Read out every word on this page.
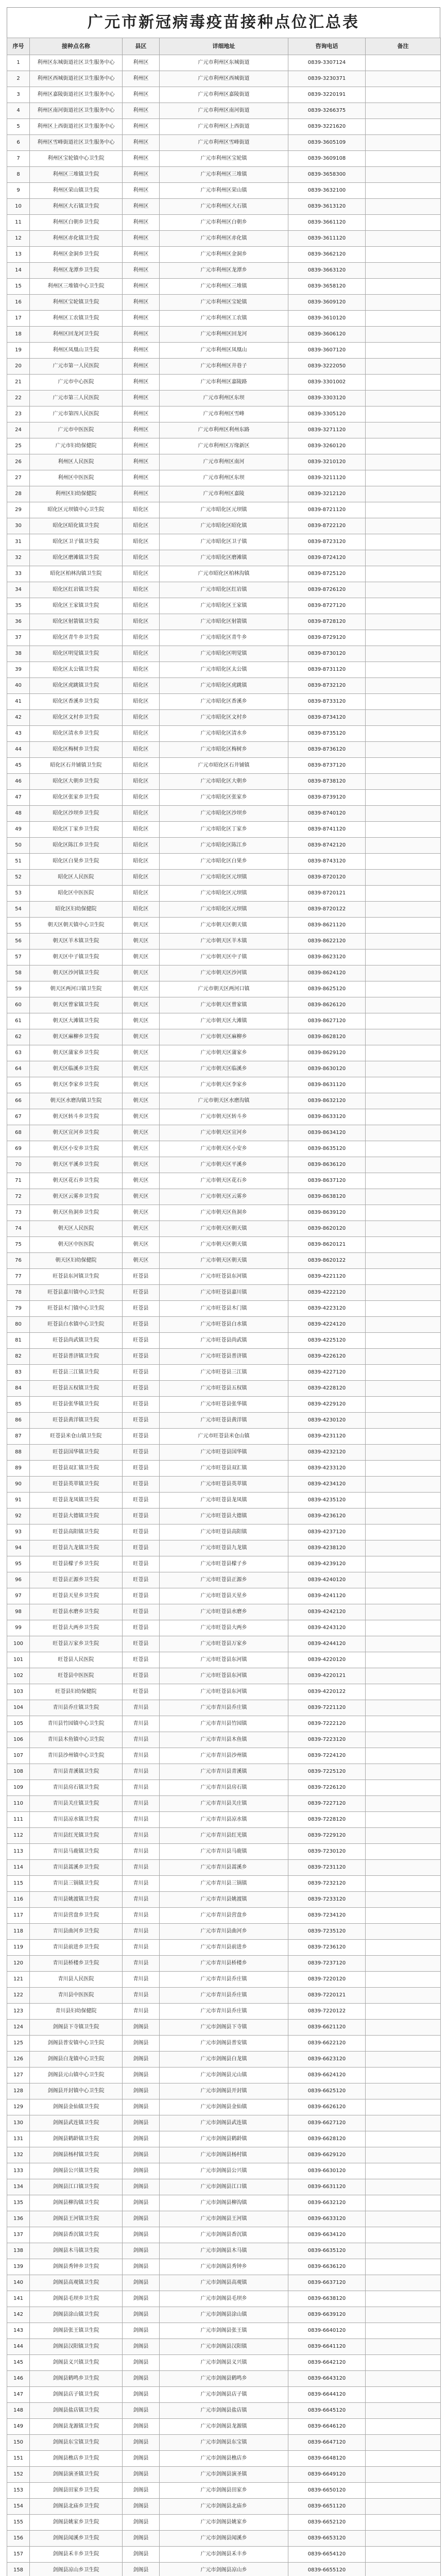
广元市新冠病毒疫苗接种点位汇总表
序号	接种点名称	县区	详细地址	咨询电话	备注
1	利州区东城街道社区卫生服务中心	利州区	广元市利州区东城街道	0839-3307124	
2	利州区西城街道社区卫生服务中心	利州区	广元市利州区西城街道	0839-3230371	
3	利州区嘉陵街道社区卫生服务中心	利州区	广元市利州区嘉陵街道	0839-3220191	
4	利州区南河街道社区卫生服务中心	利州区	广元市利州区南河街道	0839-3266375	
5	利州区上西街道社区卫生服务中心	利州区	广元市利州区上西街道	0839-3221620	
6	利州区雪峰街道社区卫生服务中心	利州区	广元市利州区雪峰街道	0839-3605109	
7	利州区宝轮镇中心卫生院	利州区	广元市利州区宝轮镇	0839-3609108	
8	利州区三堆镇卫生院	利州区	广元市利州区三堆镇	0839-3658300	
9	利州区荣山镇卫生院	利州区	广元市利州区荣山镇	0839-3632100	
10	利州区大石镇卫生院	利州区	广元市利州区大石镇	0839-3613120	
11	利州区白朝乡卫生院	利州区	广元市利州区白朝乡	0839-3661120	
12	利州区赤化镇卫生院	利州区	广元市利州区赤化镇	0839-3611120	
13	利州区金洞乡卫生院	利州区	广元市利州区金洞乡	0839-3662120	
14	利州区龙潭乡卫生院	利州区	广元市利州区龙潭乡	0839-3663120	
15	利州区三堆镇中心卫生院	利州区	广元市利州区三堆镇	0839-3658120	
16	利州区宝轮镇卫生院	利州区	广元市利州区宝轮镇	0839-3609120	
17	利州区工农镇卫生院	利州区	广元市利州区工农镇	0839-3610120	
18	利州区回龙河卫生院	利州区	广元市利州区回龙河	0839-3606120	
19	利州区凤凰山卫生院	利州区	广元市利州区凤凰山	0839-3607120	
20	广元市第一人民医院	利州区	广元市利州区井巷子	0839-3222050	
21	广元市中心医院	利州区	广元市利州区嘉陵路	0839-3301002	
22	广元市第三人民医院	利州区	广元市利州区东坝	0839-3303120	
23	广元市第四人民医院	利州区	广元市利州区雪峰	0839-3305120	
24	广元市中医医院	利州区	广元市利州区利州东路	0839-3271120	
25	广元市妇幼保健院	利州区	广元市利州区万缘新区	0839-3260120	
26	利州区人民医院	利州区	广元市利州区南河	0839-3210120	
27	利州区中医医院	利州区	广元市利州区东坝	0839-3211120	
28	利州区妇幼保健院	利州区	广元市利州区嘉陵	0839-3212120	
29	昭化区元坝镇中心卫生院	昭化区	广元市昭化区元坝镇	0839-8721120	
30	昭化区昭化镇卫生院	昭化区	广元市昭化区昭化镇	0839-8722120	
31	昭化区卫子镇卫生院	昭化区	广元市昭化区卫子镇	0839-8723120	
32	昭化区磨滩镇卫生院	昭化区	广元市昭化区磨滩镇	0839-8724120	
33	昭化区柏林沟镇卫生院	昭化区	广元市昭化区柏林沟镇	0839-8725120	
34	昭化区红岩镇卫生院	昭化区	广元市昭化区红岩镇	0839-8726120	
35	昭化区王家镇卫生院	昭化区	广元市昭化区王家镇	0839-8727120	
36	昭化区射箭镇卫生院	昭化区	广元市昭化区射箭镇	0839-8728120	
37	昭化区青牛乡卫生院	昭化区	广元市昭化区青牛乡	0839-8729120	
38	昭化区明觉镇卫生院	昭化区	广元市昭化区明觉镇	0839-8730120	
39	昭化区太公镇卫生院	昭化区	广元市昭化区太公镇	0839-8731120	
40	昭化区虎跳镇卫生院	昭化区	广元市昭化区虎跳镇	0839-8732120	
41	昭化区香溪乡卫生院	昭化区	广元市昭化区香溪乡	0839-8733120	
42	昭化区文村乡卫生院	昭化区	广元市昭化区文村乡	0839-8734120	
43	昭化区清水乡卫生院	昭化区	广元市昭化区清水乡	0839-8735120	
44	昭化区梅树乡卫生院	昭化区	广元市昭化区梅树乡	0839-8736120	
45	昭化区石井铺镇卫生院	昭化区	广元市昭化区石井铺镇	0839-8737120	
46	昭化区大朝乡卫生院	昭化区	广元市昭化区大朝乡	0839-8738120	
47	昭化区张家乡卫生院	昭化区	广元市昭化区张家乡	0839-8739120	
48	昭化区沙坝乡卫生院	昭化区	广元市昭化区沙坝乡	0839-8740120	
49	昭化区丁家乡卫生院	昭化区	广元市昭化区丁家乡	0839-8741120	
50	昭化区陈江乡卫生院	昭化区	广元市昭化区陈江乡	0839-8742120	
51	昭化区白果乡卫生院	昭化区	广元市昭化区白果乡	0839-8743120	
52	昭化区人民医院	昭化区	广元市昭化区元坝镇	0839-8720120	
53	昭化区中医医院	昭化区	广元市昭化区元坝镇	0839-8720121	
54	昭化区妇幼保健院	昭化区	广元市昭化区元坝镇	0839-8720122	
55	朝天区朝天镇中心卫生院	朝天区	广元市朝天区朝天镇	0839-8621120	
56	朝天区羊木镇卫生院	朝天区	广元市朝天区羊木镇	0839-8622120	
57	朝天区中子镇卫生院	朝天区	广元市朝天区中子镇	0839-8623120	
58	朝天区沙河镇卫生院	朝天区	广元市朝天区沙河镇	0839-8624120	
59	朝天区两河口镇卫生院	朝天区	广元市朝天区两河口镇	0839-8625120	
60	朝天区曾家镇卫生院	朝天区	广元市朝天区曾家镇	0839-8626120	
61	朝天区大滩镇卫生院	朝天区	广元市朝天区大滩镇	0839-8627120	
62	朝天区麻柳乡卫生院	朝天区	广元市朝天区麻柳乡	0839-8628120	
63	朝天区蒲家乡卫生院	朝天区	广元市朝天区蒲家乡	0839-8629120	
64	朝天区临溪乡卫生院	朝天区	广元市朝天区临溪乡	0839-8630120	
65	朝天区李家乡卫生院	朝天区	广元市朝天区李家乡	0839-8631120	
66	朝天区水磨沟镇卫生院	朝天区	广元市朝天区水磨沟镇	0839-8632120	
67	朝天区转斗乡卫生院	朝天区	广元市朝天区转斗乡	0839-8633120	
68	朝天区宣河乡卫生院	朝天区	广元市朝天区宣河乡	0839-8634120	
69	朝天区小安乡卫生院	朝天区	广元市朝天区小安乡	0839-8635120	
70	朝天区平溪乡卫生院	朝天区	广元市朝天区平溪乡	0839-8636120	
71	朝天区花石乡卫生院	朝天区	广元市朝天区花石乡	0839-8637120	
72	朝天区云雾乡卫生院	朝天区	广元市朝天区云雾乡	0839-8638120	
73	朝天区鱼洞乡卫生院	朝天区	广元市朝天区鱼洞乡	0839-8639120	
74	朝天区人民医院	朝天区	广元市朝天区朝天镇	0839-8620120	
75	朝天区中医医院	朝天区	广元市朝天区朝天镇	0839-8620121	
76	朝天区妇幼保健院	朝天区	广元市朝天区朝天镇	0839-8620122	
77	旺苍县东河镇卫生院	旺苍县	广元市旺苍县东河镇	0839-4221120	
78	旺苍县嘉川镇中心卫生院	旺苍县	广元市旺苍县嘉川镇	0839-4222120	
79	旺苍县木门镇中心卫生院	旺苍县	广元市旺苍县木门镇	0839-4223120	
80	旺苍县白水镇中心卫生院	旺苍县	广元市旺苍县白水镇	0839-4224120	
81	旺苍县尚武镇卫生院	旺苍县	广元市旺苍县尚武镇	0839-4225120	
82	旺苍县普济镇卫生院	旺苍县	广元市旺苍县普济镇	0839-4226120	
83	旺苍县三江镇卫生院	旺苍县	广元市旺苍县三江镇	0839-4227120	
84	旺苍县五权镇卫生院	旺苍县	广元市旺苍县五权镇	0839-4228120	
85	旺苍县张华镇卫生院	旺苍县	广元市旺苍县张华镇	0839-4229120	
86	旺苍县黄洋镇卫生院	旺苍县	广元市旺苍县黄洋镇	0839-4230120	
87	旺苍县米仓山镇卫生院	旺苍县	广元市旺苍县米仓山镇	0839-4231120	
88	旺苍县国华镇卫生院	旺苍县	广元市旺苍县国华镇	0839-4232120	
89	旺苍县双汇镇卫生院	旺苍县	广元市旺苍县双汇镇	0839-4233120	
90	旺苍县英萃镇卫生院	旺苍县	广元市旺苍县英萃镇	0839-4234120	
91	旺苍县龙凤镇卫生院	旺苍县	广元市旺苍县龙凤镇	0839-4235120	
92	旺苍县大德镇卫生院	旺苍县	广元市旺苍县大德镇	0839-4236120	
93	旺苍县高阳镇卫生院	旺苍县	广元市旺苍县高阳镇	0839-4237120	
94	旺苍县九龙镇卫生院	旺苍县	广元市旺苍县九龙镇	0839-4238120	
95	旺苍县檬子乡卫生院	旺苍县	广元市旺苍县檬子乡	0839-4239120	
96	旺苍县正源乡卫生院	旺苍县	广元市旺苍县正源乡	0839-4240120	
97	旺苍县天星乡卫生院	旺苍县	广元市旺苍县天星乡	0839-4241120	
98	旺苍县水磨乡卫生院	旺苍县	广元市旺苍县水磨乡	0839-4242120	
99	旺苍县大两乡卫生院	旺苍县	广元市旺苍县大两乡	0839-4243120	
100	旺苍县万家乡卫生院	旺苍县	广元市旺苍县万家乡	0839-4244120	
101	旺苍县人民医院	旺苍县	广元市旺苍县东河镇	0839-4220120	
102	旺苍县中医医院	旺苍县	广元市旺苍县东河镇	0839-4220121	
103	旺苍县妇幼保健院	旺苍县	广元市旺苍县东河镇	0839-4220122	
104	青川县乔庄镇卫生院	青川县	广元市青川县乔庄镇	0839-7221120	
105	青川县竹园镇中心卫生院	青川县	广元市青川县竹园镇	0839-7222120	
106	青川县木鱼镇中心卫生院	青川县	广元市青川县木鱼镇	0839-7223120	
107	青川县沙州镇中心卫生院	青川县	广元市青川县沙州镇	0839-7224120	
108	青川县青溪镇卫生院	青川县	广元市青川县青溪镇	0839-7225120	
109	青川县房石镇卫生院	青川县	广元市青川县房石镇	0839-7226120	
110	青川县关庄镇卫生院	青川县	广元市青川县关庄镇	0839-7227120	
111	青川县凉水镇卫生院	青川县	广元市青川县凉水镇	0839-7228120	
112	青川县红光镇卫生院	青川县	广元市青川县红光镇	0839-7229120	
113	青川县马鹿镇卫生院	青川县	广元市青川县马鹿镇	0839-7230120	
114	青川县蒿溪乡卫生院	青川县	广元市青川县蒿溪乡	0839-7231120	
115	青川县三锅镇卫生院	青川县	广元市青川县三锅镇	0839-7232120	
116	青川县姚渡镇卫生院	青川县	广元市青川县姚渡镇	0839-7233120	
117	青川县营盘乡卫生院	青川县	广元市青川县营盘乡	0839-7234120	
118	青川县曲河乡卫生院	青川县	广元市青川县曲河乡	0839-7235120	
119	青川县前进乡卫生院	青川县	广元市青川县前进乡	0839-7236120	
120	青川县桥楼乡卫生院	青川县	广元市青川县桥楼乡	0839-7237120	
121	青川县人民医院	青川县	广元市青川县乔庄镇	0839-7220120	
122	青川县中医医院	青川县	广元市青川县乔庄镇	0839-7220121	
123	青川县妇幼保健院	青川县	广元市青川县乔庄镇	0839-7220122	
124	剑阁县下寺镇卫生院	剑阁县	广元市剑阁县下寺镇	0839-6621120	
125	剑阁县普安镇中心卫生院	剑阁县	广元市剑阁县普安镇	0839-6622120	
126	剑阁县白龙镇中心卫生院	剑阁县	广元市剑阁县白龙镇	0839-6623120	
127	剑阁县元山镇中心卫生院	剑阁县	广元市剑阁县元山镇	0839-6624120	
128	剑阁县开封镇中心卫生院	剑阁县	广元市剑阁县开封镇	0839-6625120	
129	剑阁县金仙镇卫生院	剑阁县	广元市剑阁县金仙镇	0839-6626120	
130	剑阁县武连镇卫生院	剑阁县	广元市剑阁县武连镇	0839-6627120	
131	剑阁县鹤龄镇卫生院	剑阁县	广元市剑阁县鹤龄镇	0839-6628120	
132	剑阁县杨村镇卫生院	剑阁县	广元市剑阁县杨村镇	0839-6629120	
133	剑阁县公兴镇卫生院	剑阁县	广元市剑阁县公兴镇	0839-6630120	
134	剑阁县江口镇卫生院	剑阁县	广元市剑阁县江口镇	0839-6631120	
135	剑阁县柳沟镇卫生院	剑阁县	广元市剑阁县柳沟镇	0839-6632120	
136	剑阁县王河镇卫生院	剑阁县	广元市剑阁县王河镇	0839-6633120	
137	剑阁县香沉镇卫生院	剑阁县	广元市剑阁县香沉镇	0839-6634120	
138	剑阁县木马镇卫生院	剑阁县	广元市剑阁县木马镇	0839-6635120	
139	剑阁县秀钟乡卫生院	剑阁县	广元市剑阁县秀钟乡	0839-6636120	
140	剑阁县高观镇卫生院	剑阁县	广元市剑阁县高观镇	0839-6637120	
141	剑阁县毛坝乡卫生院	剑阁县	广元市剑阁县毛坝乡	0839-6638120	
142	剑阁县涂山镇卫生院	剑阁县	广元市剑阁县涂山镇	0839-6639120	
143	剑阁县张王镇卫生院	剑阁县	广元市剑阁县张王镇	0839-6640120	
144	剑阁县汉阳镇卫生院	剑阁县	广元市剑阁县汉阳镇	0839-6641120	
145	剑阁县义兴镇卫生院	剑阁县	广元市剑阁县义兴镇	0839-6642120	
146	剑阁县鹤鸣乡卫生院	剑阁县	广元市剑阁县鹤鸣乡	0839-6643120	
147	剑阁县店子镇卫生院	剑阁县	广元市剑阁县店子镇	0839-6644120	
148	剑阁县盐店镇卫生院	剑阁县	广元市剑阁县盐店镇	0839-6645120	
149	剑阁县龙源镇卫生院	剑阁县	广元市剑阁县龙源镇	0839-6646120	
150	剑阁县东宝镇卫生院	剑阁县	广元市剑阁县东宝镇	0839-6647120	
151	剑阁县樵店乡卫生院	剑阁县	广元市剑阁县樵店乡	0839-6648120	
152	剑阁县演圣镇卫生院	剑阁县	广元市剑阁县演圣镇	0839-6649120	
153	剑阁县田家乡卫生院	剑阁县	广元市剑阁县田家乡	0839-6650120	
154	剑阁县北庙乡卫生院	剑阁县	广元市剑阁县北庙乡	0839-6651120	
155	剑阁县姚家乡卫生院	剑阁县	广元市剑阁县姚家乡	0839-6652120	
156	剑阁县闻溪乡卫生院	剑阁县	广元市剑阁县闻溪乡	0839-6653120	
157	剑阁县禾丰乡卫生院	剑阁县	广元市剑阁县禾丰乡	0839-6654120	
158	剑阁县凉山乡卫生院	剑阁县	广元市剑阁县凉山乡	0839-6655120	
